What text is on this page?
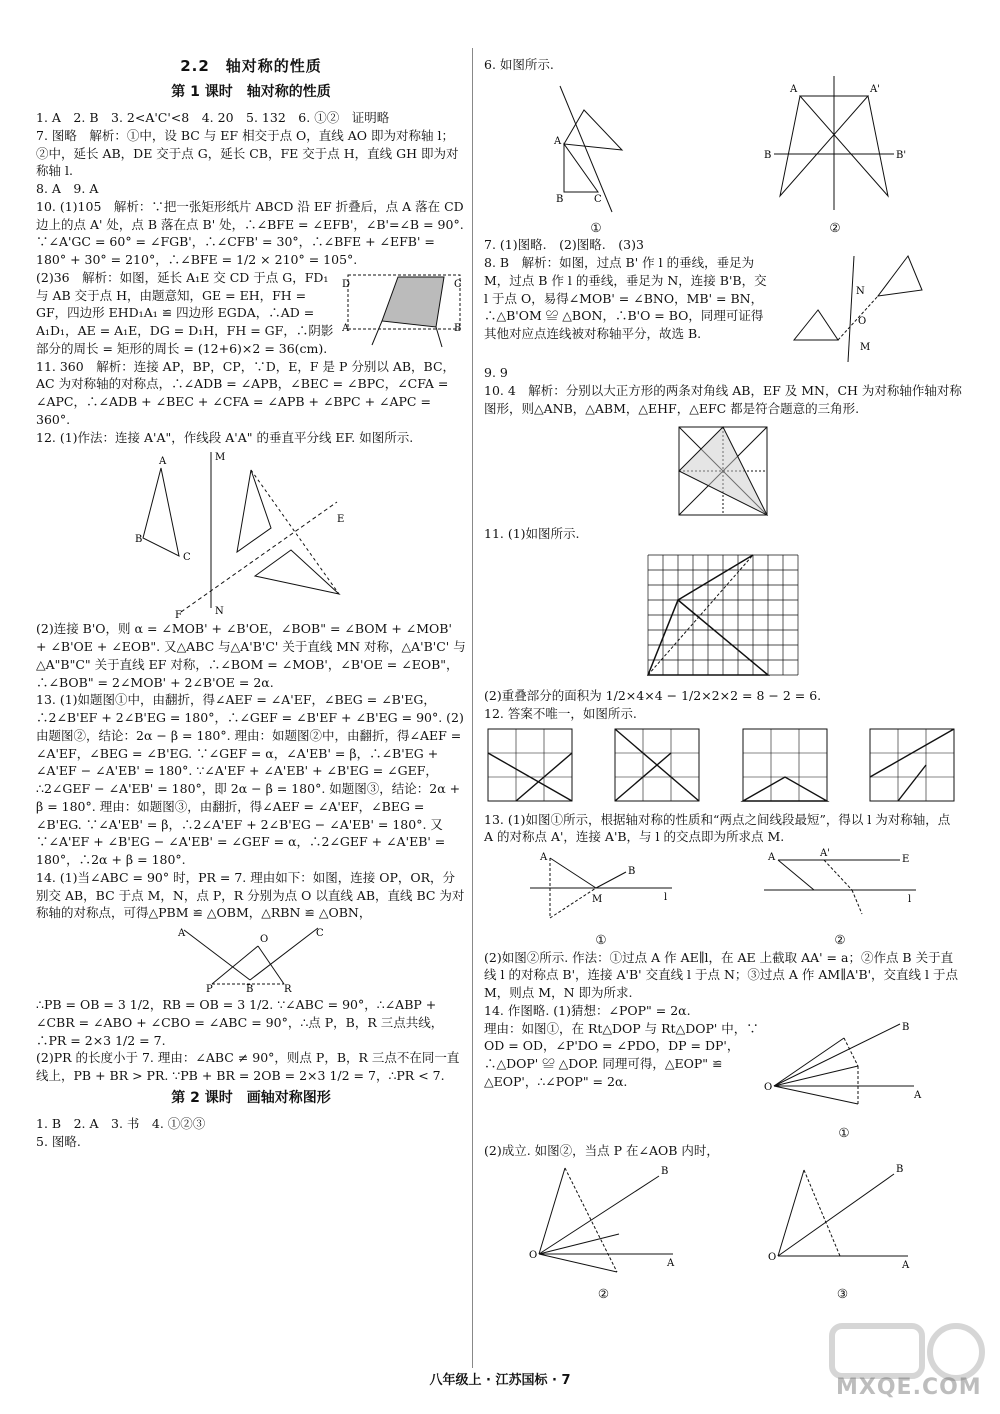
2.2　轴对称的性质
第 1 课时　轴对称的性质

1. A　2. B　3. 2<A'C'<8　4. 20　5. 132　6. ①②　证明略

7. 图略　解析：①中，设 BC 与 EF 相交于点 O，直线 AO 即为对称轴 l；②中，延长 AB，DE 交于点 G，延长 CB，FE 交于点 H，直线 GH 即为对称轴 l.

8. A　9. A

10. (1)105　解析：∵把一张矩形纸片 ABCD 沿 EF 折叠后，点 A 落在 CD 边上的点 A' 处，点 B 落在点 B' 处，∴∠BFE = ∠EFB'，∠B'=∠B = 90°. ∵∠A'GC = 60° = ∠FGB'，∴∠CFB' = 30°，∴∠BFE + ∠EFB' = 180° + 30° = 210°，∴∠BFE = 1/2 × 210° = 105°.

(2)36　解析：如图，延长 A₁E 交 CD 于点 G，FD₁ 与 AB 交于点 H，由题意知，GE = EH，FH = GF，四边形 EHD₁A₁ ≌ 四边形 EGDA，∴AD = A₁D₁，AE = A₁E，DG = D₁H，FH = GF，∴阴影部分的周长 = 矩形的周长 = (12+6)×2 = 36(cm).

D	C
A	B

11. 360　解析：连接 AP，BP，CP，∵D，E，F 是 P 分别以 AB，BC，AC 为对称轴的对称点，∴∠ADB = ∠APB，∠BEC = ∠BPC，∠CFA = ∠APC，∴∠ADB + ∠BEC + ∠CFA = ∠APB + ∠BPC + ∠APC = 360°.

12. (1)作法：连接 A'A"，作线段 A'A" 的垂直平分线 EF. 如图所示.

A
B
C
M
N
F
E

(2)连接 B'O，则 α = ∠MOB' + ∠B'OE，∠BOB" = ∠BOM + ∠MOB' + ∠B'OE + ∠EOB". 又△ABC 与△A'B'C' 关于直线 MN 对称，△A'B'C' 与△A"B"C" 关于直线 EF 对称，∴∠BOM = ∠MOB'，∠B'OE = ∠EOB"，∴∠BOB" = 2∠MOB' + 2∠B'OE = 2α.

13. (1)如题图①中，由翻折，得∠AEF = ∠A'EF，∠BEG = ∠B'EG，∴2∠B'EF + 2∠B'EG = 180°，∴∠GEF = ∠B'EF + ∠B'EG = 90°. (2)由题图②，结论：2α − β = 180°. 理由：如题图②中，由翻折，得∠AEF = ∠A'EF，∠BEG = ∠B'EG. ∵∠GEF = α，∠A'EB' = β，∴∠B'EG + ∠A'EF − ∠A'EB' = 180°. ∵∠A'EF + ∠A'EB' + ∠B'EG = ∠GEF，∴2∠GEF − ∠A'EB' = 180°，即 2α − β = 180°. 如题图③，结论：2α + β = 180°. 理由：如题图③，由翻折，得∠AEF = ∠A'EF，∠BEG = ∠B'EG. ∵∠A'EB' = β，∴2∠A'EF + 2∠B'EG − ∠A'EB' = 180°. 又∵∠A'EF + ∠B'EG − ∠A'EB' = ∠GEF = α，∴2∠GEF + ∠A'EB' = 180°，∴2α + β = 180°.

14. (1)当∠ABC = 90° 时，PR = 7. 理由如下：如图，连接 OP，OR，分别交 AB，BC 于点 M，N，点 P，R 分别为点 O 以直线 AB，直线 BC 为对称轴的对称点，可得△PBM ≌ △OBM，△RBN ≌ △OBN，

A	C
O
B
P	R

∴PB = OB = 3 1/2，RB = OB = 3 1/2. ∵∠ABC = 90°，∴∠ABP + ∠CBR = ∠ABO + ∠CBO = ∠ABC = 90°，∴点 P，B，R 三点共线，∴PR = 2×3 1/2 = 7.

(2)PR 的长度小于 7. 理由：∠ABC ≠ 90°，则点 P，B，R 三点不在同一直线上，PB + BR > PR. ∵PB + BR = 2OB = 2×3 1/2 = 7，∴PR < 7.

第 2 课时　画轴对称图形

1. B　2. A　3. 书　4. ①②③

5. 图略.

6. 如图所示.

A
B	C
①
A	A'
B	B'
②

7. (1)图略.　(2)图略.　(3)3

8. B　解析：如图，过点 B' 作 l 的垂线，垂足为 M，过点 B 作 l 的垂线，垂足为 N，连接 B'B，交 l 于点 O，易得∠MOB' = ∠BNO，MB' = BN，∴△B'OM ≌ △BON，∴B'O = BO，同理可证得其他对应点连线被对称轴平分，故选 B.

N
O
M

9. 9

10. 4　解析：分别以大正方形的两条对角线 AB，EF 及 MN，CH 为对称轴作轴对称图形，则△ANB，△ABM，△EHF，△EFC 都是符合题意的三角形.

11. (1)如图所示.

(2)重叠部分的面积为 1/2×4×4 − 1/2×2×2 = 8 − 2 = 6.

12. 答案不唯一，如图所示.

13. (1)如图①所示，根据轴对称的性质和“两点之间线段最短”，得以 l 为对称轴，点 A 的对称点 A'，连接 A'B，与 l 的交点即为所求点 M.

A
B
M	l
①
A	A'
E
l
②

(2)如图②所示. 作法：①过点 A 作 AE∥l，在 AE 上截取 AA' = a；②作点 B 关于直线 l 的对称点 B'，连接 A'B' 交直线 l 于点 N；③过点 A 作 AM∥A'B'，交直线 l 于点 M，则点 M，N 即为所求.

14. 作图略. (1)猜想：∠POP" = 2α.

理由：如图①，在 Rt△DOP 与 Rt△DOP' 中，∵ OD = OD，∠P'DO = ∠PDO，DP = DP'，∴△DOP' ≌ △DOP. 同理可得，△EOP" ≌ △EOP'，∴∠POP" = 2α.	O
A
B
①

(2)成立. 如图②，当点 P 在∠AOB 内时，

O
B
A
②
O
B
A
③
八年级上 · 江苏国标 · 7	MXQE.COM
